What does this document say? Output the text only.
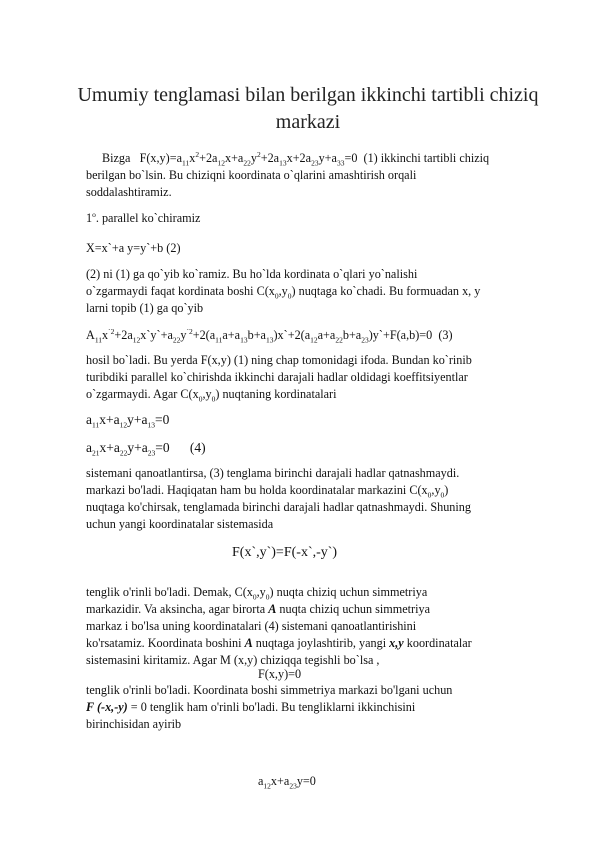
Umumiy tenglamasi bilan berilgan ikkinchi tartibli chiziq
markazi

Bizga   $F(x,y)=a_{11}x^2+2a_{12}x+a_{22}y^2+2a_{13}x+2a_{23}y+a_{33}=0$  (1) ikkinchi tartibli chiziq

berilgan bo`lsin. Bu chiziqni koordinata o`qlarini amashtirish orqali

soddalashtiramiz.

1$^o$. parallel ko`chiramiz

X=x`+a y=y`+b (2)

(2) ni (1) ga qo`yib ko`ramiz. Bu ho`lda kordinata o`qlari yo`nalishi

o`zgarmaydi faqat kordinata boshi $C(x_0,y_0)$ nuqtaga ko`chadi. Bu formuadan x, y

larni topib (1) ga qo`yib

$A_{11}x^{`2}+2a_{12}x`y`+a_{22}y^{`2}+2(a_{11}a+a_{13}b+a_{13})x`+2(a_{12}a+a_{22}b+a_{23})y`+F(a,b)=0$  (3)

hosil bo`ladi. Bu yerda F(x,y) (1) ning chap tomonidagi ifoda. Bundan ko`rinib

turibdiki parallel ko`chirishda ikkinchi darajali hadlar oldidagi koeffitsiyentlar

o`zgarmaydi. Agar $C(x_0,y_0)$ nuqtaning kordinatalari

$a_{11}x+a_{12}y+a_{13}=0$

$a_{21}x+a_{22}y+a_{23}=0$      (4)

sistemani qanoatlantirsa, (3) tenglama birinchi darajali hadlar qatnashmaydi.

markazi bo'ladi. Haqiqatan ham bu holda koordinatalar markazini $C(x_0,y_0)$

nuqtaga ko'chirsak, tenglamada birinchi darajali hadlar qatnashmaydi. Shuning

uchun yangi koordinatalar sistemasida

F(x`,y`)=F(-x`,-y`)

tenglik o'rinli bo'ladi. Demak, $C(x_0,y_0)$ nuqta chiziq uchun simmetriya

markazidir. Va aksincha, agar birorta A nuqta chiziq uchun simmetriya

markaz i bo'lsa uning koordinatalari (4) sistemani qanoatlantirishini

ko'rsatamiz. Koordinata boshini A nuqtaga joylashtirib, yangi x,y koordinatalar

sistemasini kiritamiz. Agar M (x,y) chiziqqa tegishli bo`lsa ,

F(x,y)=0

tenglik o'rinli bo'ladi. Koordinata boshi simmetriya markazi bo'lgani uchun

F (-x,-y) = 0 tenglik ham o'rinli bo'ladi. Bu tengliklarni ikkinchisini

birinchisidan ayirib

$a_{12}x+a_{23}y=0$
